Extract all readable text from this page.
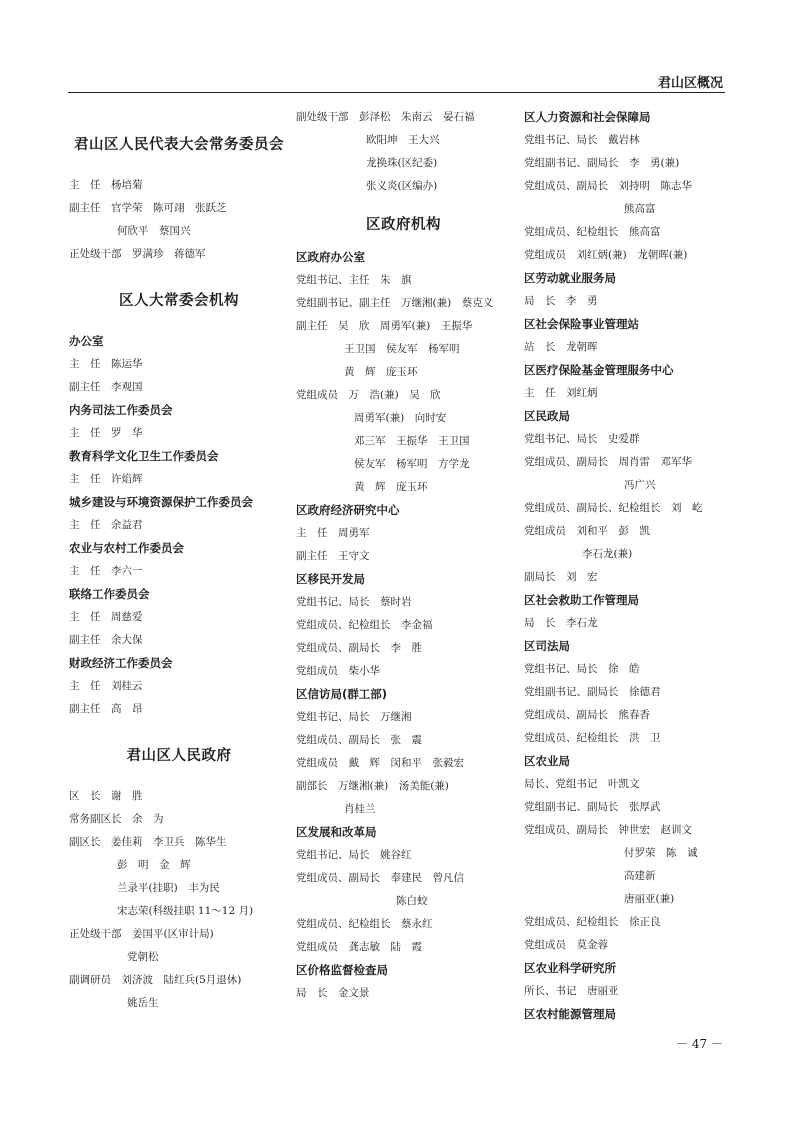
君山区概况
君山区人民代表大会常务委员会
主　任　杨培菊
副主任　官学荣　陈可翊　张跃芝
何欣平　蔡国兴
正处级干部　罗满珍　蒋德军
区人大常委会机构
办公室
主　任　陈运华
副主任　李观国
内务司法工作委员会
主　任　罗　华
教育科学文化卫生工作委员会
主　任　许焰辉
城乡建设与环境资源保护工作委员会
主　任　余益君
农业与农村工作委员会
主　任　李六一
联络工作委员会
主　任　周慈爱
副主任　余大保
财政经济工作委员会
主　任　刘桂云
副主任　高　昂
君山区人民政府
区　长　谢　胜
常务副区长　余　为
副区长　姜佳莉　李卫兵　陈华生
彭　明　金　辉
兰录平(挂职)　丰为民
宋志荣(科级挂职 11～12 月)
正处级干部　姜国平(区审计局)
党朝松
副调研员　刘济波　陆红兵(5月退休)
姚岳生
副处级干部　彭泽松　朱南云　晏石福
欧阳坤　王大兴
龙换珠(区纪委)
张义炎(区编办)
区政府机构
区政府办公室
党组书记、主任　朱　旗
党组副书记、副主任　万继湘(兼)　蔡克义
副主任　吴　欣　周勇军(兼)　王振华
王卫国　侯友军　杨军明
黄　辉　庞玉环
党组成员　万　浩(兼)　吴　欣
周勇军(兼)　向时安
邓三军　王振华　王卫国
侯友军　杨军明　方学龙
黄　辉　庞玉环
区政府经济研究中心
主　任　周勇军
副主任　王守文
区移民开发局
党组书记、局长　蔡时岩
党组成员、纪检组长　李金福
党组成员、副局长　李　胜
党组成员　柴小华
区信访局(群工部)
党组书记、局长　万继湘
党组成员、副局长　张　震
党组成员　戴　辉　闵和平　张毅宏
副部长　万继湘(兼)　汤美能(兼)
肖桂兰
区发展和改革局
党组书记、局长　姚谷红
党组成员、副局长　奉建民　曾凡信
陈白蛟
党组成员、纪检组长　蔡永红
党组成员　龚志敏　陆　霞
区价格监督检查局
局　长　金文景
区人力资源和社会保障局
党组书记、局长　戴岩林
党组副书记、副局长　李　勇(兼)
党组成员、副局长　刘持明　陈志华
熊高富
党组成员、纪检组长　熊高富
党组成员　刘红炳(兼)　龙朝晖(兼)
区劳动就业服务局
局　长　李　勇
区社会保险事业管理站
站　长　龙朝晖
区医疗保险基金管理服务中心
主　任　刘红炳
区民政局
党组书记、局长　史爱群
党组成员、副局长　周肖雷　邓军华
冯广兴
党组成员、副局长、纪检组长　刘　屹
党组成员　刘和平　彭　凯
李石龙(兼)
副局长　刘　宏
区社会救助工作管理局
局　长　李石龙
区司法局
党组书记、局长　徐　皓
党组副书记、副局长　徐德君
党组成员、副局长　熊春香
党组成员、纪检组长　洪　卫
区农业局
局长、党组书记　叶凯文
党组副书记、副局长　张厚武
党组成员、副局长　钟世宏　赵训文
付罗荣　陈　诚
高建新
唐丽亚(兼)
党组成员、纪检组长　徐正良
党组成员　莫金蓉
区农业科学研究所
所长、书记　唐丽亚
区农村能源管理局
－ 47 －
